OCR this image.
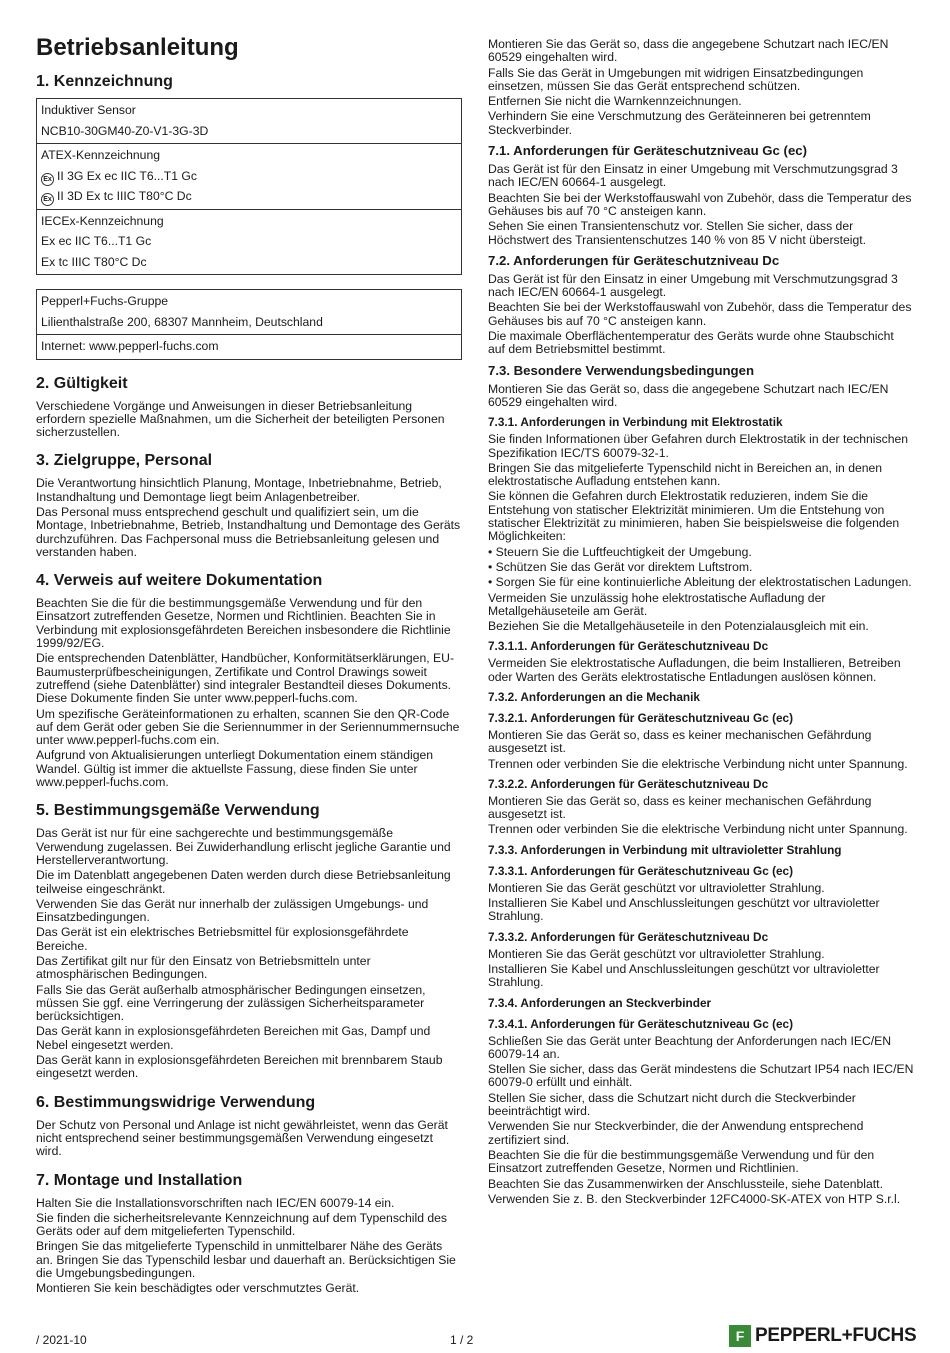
Betriebsanleitung
1. Kennzeichnung
Induktiver Sensor
NCB10-30GM40-Z0-V1-3G-3D
ATEX-Kennzeichnung
Ex II 3G Ex ec IIC T6...T1 Gc
Ex II 3D Ex tc IIIC T80°C Dc
IECEx-Kennzeichnung
Ex ec IIC T6...T1 Gc
Ex tc IIIC T80°C Dc
Pepperl+Fuchs-Gruppe
Lilienthalstraße 200, 68307 Mannheim, Deutschland
Internet: www.pepperl-fuchs.com
2. Gültigkeit

Verschiedene Vorgänge und Anweisungen in dieser Betriebsanleitung erfordern spezielle Maßnahmen, um die Sicherheit der beteiligten Personen sicherzustellen.

3. Zielgruppe, Personal

Die Verantwortung hinsichtlich Planung, Montage, Inbetriebnahme, Betrieb, Instandhaltung und Demontage liegt beim Anlagenbetreiber.

Das Personal muss entsprechend geschult und qualifiziert sein, um die Montage, Inbetriebnahme, Betrieb, Instandhaltung und Demontage des Geräts durchzuführen. Das Fachpersonal muss die Betriebsanleitung gelesen und verstanden haben.

4. Verweis auf weitere Dokumentation

Beachten Sie die für die bestimmungsgemäße Verwendung und für den Einsatzort zutreffenden Gesetze, Normen und Richtlinien. Beachten Sie in Verbindung mit explosionsgefährdeten Bereichen insbesondere die Richtlinie 1999/92/EG.

Die entsprechenden Datenblätter, Handbücher, Konformitätserklärungen, EU-Baumusterprüfbescheinigungen, Zertifikate und Control Drawings soweit zutreffend (siehe Datenblätter) sind integraler Bestandteil dieses Dokuments. Diese Dokumente finden Sie unter www.pepperl-fuchs.com.

Um spezifische Geräteinformationen zu erhalten, scannen Sie den QR-Code auf dem Gerät oder geben Sie die Seriennummer in der Seriennummernsuche unter www.pepperl-fuchs.com ein.

Aufgrund von Aktualisierungen unterliegt Dokumentation einem ständigen Wandel. Gültig ist immer die aktuellste Fassung, diese finden Sie unter www.pepperl-fuchs.com.

5. Bestimmungsgemäße Verwendung

Das Gerät ist nur für eine sachgerechte und bestimmungsgemäße Verwendung zugelassen. Bei Zuwiderhandlung erlischt jegliche Garantie und Herstellerverantwortung.

Die im Datenblatt angegebenen Daten werden durch diese Betriebsanleitung teilweise eingeschränkt.

Verwenden Sie das Gerät nur innerhalb der zulässigen Umgebungs- und Einsatzbedingungen.

Das Gerät ist ein elektrisches Betriebsmittel für explosionsgefährdete Bereiche.

Das Zertifikat gilt nur für den Einsatz von Betriebsmitteln unter atmosphärischen Bedingungen.

Falls Sie das Gerät außerhalb atmosphärischer Bedingungen einsetzen, müssen Sie ggf. eine Verringerung der zulässigen Sicherheitsparameter berücksichtigen.

Das Gerät kann in explosionsgefährdeten Bereichen mit Gas, Dampf und Nebel eingesetzt werden.

Das Gerät kann in explosionsgefährdeten Bereichen mit brennbarem Staub eingesetzt werden.

6. Bestimmungswidrige Verwendung

Der Schutz von Personal und Anlage ist nicht gewährleistet, wenn das Gerät nicht entsprechend seiner bestimmungsgemäßen Verwendung eingesetzt wird.

7. Montage und Installation

Halten Sie die Installationsvorschriften nach IEC/EN 60079-14 ein.

Sie finden die sicherheitsrelevante Kennzeichnung auf dem Typenschild des Geräts oder auf dem mitgelieferten Typenschild.

Bringen Sie das mitgelieferte Typenschild in unmittelbarer Nähe des Geräts an. Bringen Sie das Typenschild lesbar und dauerhaft an. Berücksichtigen Sie die Umgebungsbedingungen.

Montieren Sie kein beschädigtes oder verschmutztes Gerät.

Montieren Sie das Gerät so, dass die angegebene Schutzart nach IEC/EN 60529 eingehalten wird.

Falls Sie das Gerät in Umgebungen mit widrigen Einsatzbedingungen einsetzen, müssen Sie das Gerät entsprechend schützen.

Entfernen Sie nicht die Warnkennzeichnungen.

Verhindern Sie eine Verschmutzung des Geräteinneren bei getrenntem Steckverbinder.

7.1. Anforderungen für Geräteschutzniveau Gc (ec)

Das Gerät ist für den Einsatz in einer Umgebung mit Verschmutzungsgrad 3 nach IEC/EN 60664-1 ausgelegt.

Beachten Sie bei der Werkstoffauswahl von Zubehör, dass die Temperatur des Gehäuses bis auf 70 °C ansteigen kann.

Sehen Sie einen Transientenschutz vor. Stellen Sie sicher, dass der Höchstwert des Transientenschutzes 140 % von 85 V nicht übersteigt.

7.2. Anforderungen für Geräteschutzniveau Dc

Das Gerät ist für den Einsatz in einer Umgebung mit Verschmutzungsgrad 3 nach IEC/EN 60664-1 ausgelegt.

Beachten Sie bei der Werkstoffauswahl von Zubehör, dass die Temperatur des Gehäuses bis auf 70 °C ansteigen kann.

Die maximale Oberflächentemperatur des Geräts wurde ohne Staubschicht auf dem Betriebsmittel bestimmt.

7.3. Besondere Verwendungsbedingungen

Montieren Sie das Gerät so, dass die angegebene Schutzart nach IEC/EN 60529 eingehalten wird.

7.3.1. Anforderungen in Verbindung mit Elektrostatik

Sie finden Informationen über Gefahren durch Elektrostatik in der technischen Spezifikation IEC/TS 60079-32-1.

Bringen Sie das mitgelieferte Typenschild nicht in Bereichen an, in denen elektrostatische Aufladung entstehen kann.

Sie können die Gefahren durch Elektrostatik reduzieren, indem Sie die Entstehung von statischer Elektrizität minimieren. Um die Entstehung von statischer Elektrizität zu minimieren, haben Sie beispielsweise die folgenden Möglichkeiten:

• Steuern Sie die Luftfeuchtigkeit der Umgebung.
• Schützen Sie das Gerät vor direktem Luftstrom.
• Sorgen Sie für eine kontinuierliche Ableitung der elektrostatischen Ladungen.

Vermeiden Sie unzulässig hohe elektrostatische Aufladung der Metallgehäuseteile am Gerät.

Beziehen Sie die Metallgehäuseteile in den Potenzialausgleich mit ein.

7.3.1.1. Anforderungen für Geräteschutzniveau Dc

Vermeiden Sie elektrostatische Aufladungen, die beim Installieren, Betreiben oder Warten des Geräts elektrostatische Entladungen auslösen können.

7.3.2. Anforderungen an die Mechanik
7.3.2.1. Anforderungen für Geräteschutzniveau Gc (ec)

Montieren Sie das Gerät so, dass es keiner mechanischen Gefährdung ausgesetzt ist.

Trennen oder verbinden Sie die elektrische Verbindung nicht unter Spannung.

7.3.2.2. Anforderungen für Geräteschutzniveau Dc

Montieren Sie das Gerät so, dass es keiner mechanischen Gefährdung ausgesetzt ist.

Trennen oder verbinden Sie die elektrische Verbindung nicht unter Spannung.

7.3.3. Anforderungen in Verbindung mit ultravioletter Strahlung
7.3.3.1. Anforderungen für Geräteschutzniveau Gc (ec)

Montieren Sie das Gerät geschützt vor ultravioletter Strahlung.

Installieren Sie Kabel und Anschlussleitungen geschützt vor ultravioletter Strahlung.

7.3.3.2. Anforderungen für Geräteschutzniveau Dc

Montieren Sie das Gerät geschützt vor ultravioletter Strahlung.

Installieren Sie Kabel und Anschlussleitungen geschützt vor ultravioletter Strahlung.

7.3.4. Anforderungen an Steckverbinder
7.3.4.1. Anforderungen für Geräteschutzniveau Gc (ec)

Schließen Sie das Gerät unter Beachtung der Anforderungen nach IEC/EN 60079-14 an.

Stellen Sie sicher, dass das Gerät mindestens die Schutzart IP54 nach IEC/EN 60079-0 erfüllt und einhält.

Stellen Sie sicher, dass die Schutzart nicht durch die Steckverbinder beeinträchtigt wird.

Verwenden Sie nur Steckverbinder, die der Anwendung entsprechend zertifiziert sind.

Beachten Sie die für die bestimmungsgemäße Verwendung und für den Einsatzort zutreffenden Gesetze, Normen und Richtlinien.

Beachten Sie das Zusammenwirken der Anschlussteile, siehe Datenblatt.

Verwenden Sie z. B. den Steckverbinder 12FC4000-SK-ATEX von HTP S.r.l.

/ 2021-10	1 / 2	F PEPPERL+FUCHS
